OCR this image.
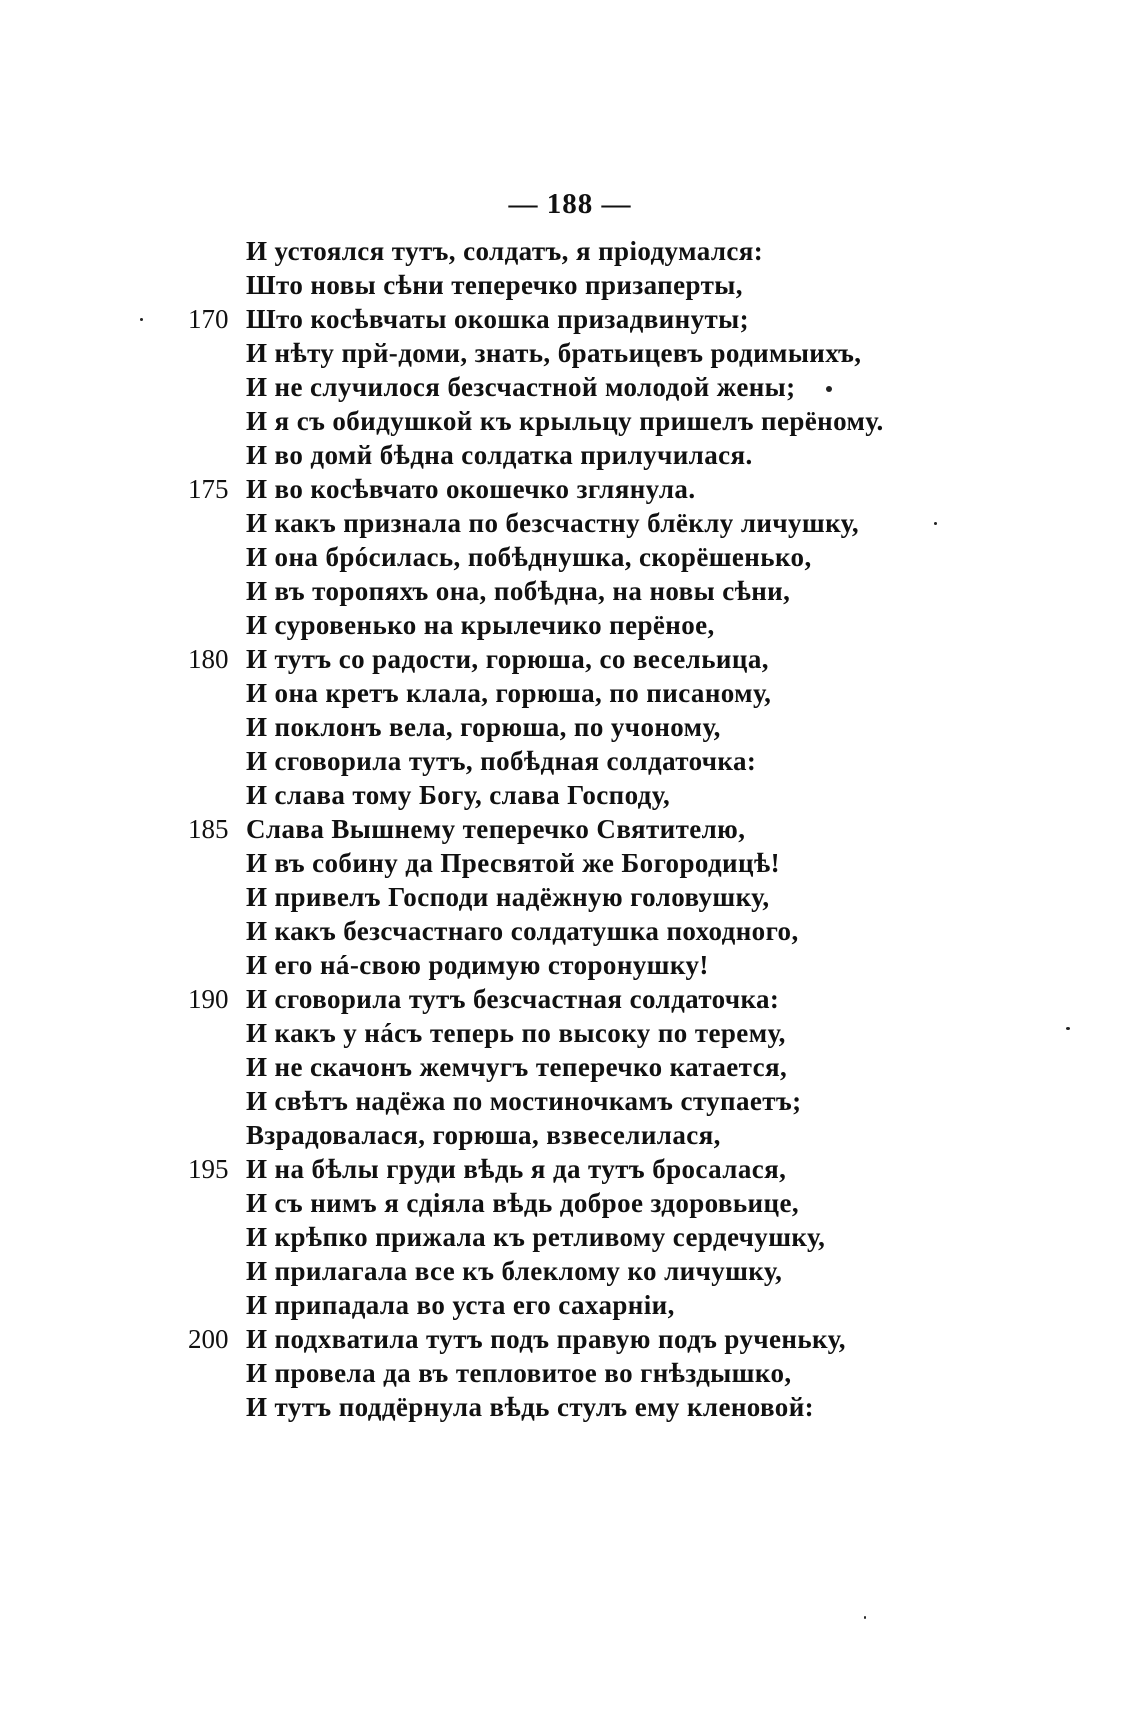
— 188 —
И устоялся тутъ, солдатъ, я прiодумался:
Што новы сѣни теперечко призаперты,
170 Што косѣвчаты окошка призадвинуты;
И нѣту прй-доми, знать, братьицевъ родимыихъ,
И не случилося безсчастной молодой жены;
И я съ обидушкой къ крыльцу пришелъ перёному.
И во домй бѣдна солдатка прилучилася.
175 И во косѣвчато окошечко зглянула.
И какъ признала по безсчастну блёклу личушку,
И она брóсилась, побѣднушка, скорёшенько,
И въ торопяхъ она, побѣдна, на новы сѣни,
И суровенько на крылечико перёное,
180 И тутъ со радости, горюша, со весельица,
И она кретъ клала, горюша, по писаному,
И поклонъ вела, горюша, по учоному,
И сговорила тутъ, побѣдная солдаточка:
И слава тому Богу, слава Господу,
185 Слава Вышнему теперечко Святителю,
И въ собину да Пресвятой же Богородицѣ!
И привелъ Господи надёжную головушку,
И какъ безсчастнаго солдатушка походного,
И его нá-свою родимую сторонушку!
190 И сговорила тутъ безсчастная солдаточка:
И какъ у нáсъ теперь по высоку по терему,
И не скачонъ жемчугъ теперечко катается,
И свѣтъ надёжа по мостиночкамъ ступаетъ;
Взрадовалася, горюша, взвеселилася,
195 И на бѣлы груди вѣдь я да тутъ бросалася,
И съ нимъ я сдiяла вѣдь доброе здоровьице,
И крѣпко прижала къ ретливому сердечушку,
И прилагала все къ блеклому ко личушку,
И припадала во уста его сахарнiи,
200 И подхватила тутъ подъ правую подъ рученьку,
И провела да въ тепловитое во гнѣздышко,
И тутъ поддёрнула вѣдь стулъ ему кленовой:
